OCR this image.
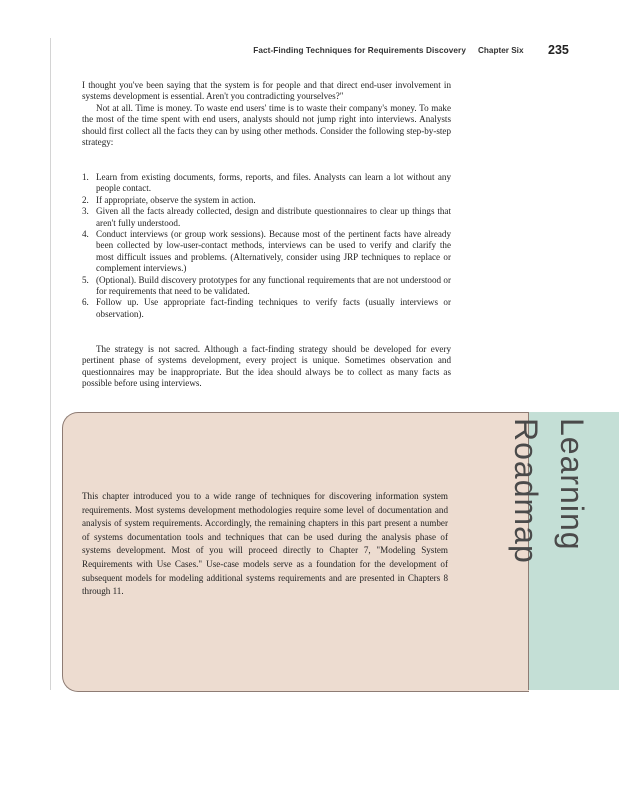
Fact-Finding Techniques for Requirements Discovery Chapter Six 235

I thought you've been saying that the system is for people and that direct end-user involvement in systems development is essential. Aren't you contradicting yourselves?"

Not at all. Time is money. To waste end users' time is to waste their company's money. To make the most of the time spent with end users, analysts should not jump right into interviews. Analysts should first collect all the facts they can by using other methods. Consider the following step-by-step strategy:

1. Learn from existing documents, forms, reports, and files. Analysts can learn a lot without any people contact.
2. If appropriate, observe the system in action.
3. Given all the facts already collected, design and distribute questionnaires to clear up things that aren't fully understood.
4. Conduct interviews (or group work sessions). Because most of the pertinent facts have already been collected by low-user-contact methods, interviews can be used to verify and clarify the most difficult issues and problems. (Alternatively, consider using JRP techniques to replace or complement interviews.)
5. (Optional). Build discovery prototypes for any functional requirements that are not understood or for requirements that need to be validated.
6. Follow up. Use appropriate fact-finding techniques to verify facts (usually interviews or observation).

The strategy is not sacred. Although a fact-finding strategy should be developed for every pertinent phase of systems development, every project is unique. Sometimes observation and questionnaires may be inappropriate. But the idea should always be to collect as many facts as possible before using interviews.

Learning Roadmap

This chapter introduced you to a wide range of techniques for discovering information system requirements. Most systems development methodologies require some level of documentation and analysis of system requirements. Accordingly, the remaining chapters in this part present a number of systems documentation tools and techniques that can be used during the analysis phase of systems development. Most of you will proceed directly to Chapter 7, "Modeling System Requirements with Use Cases." Use-case models serve as a foundation for the development of subsequent models for modeling additional systems requirements and are presented in Chapters 8 through 11.
